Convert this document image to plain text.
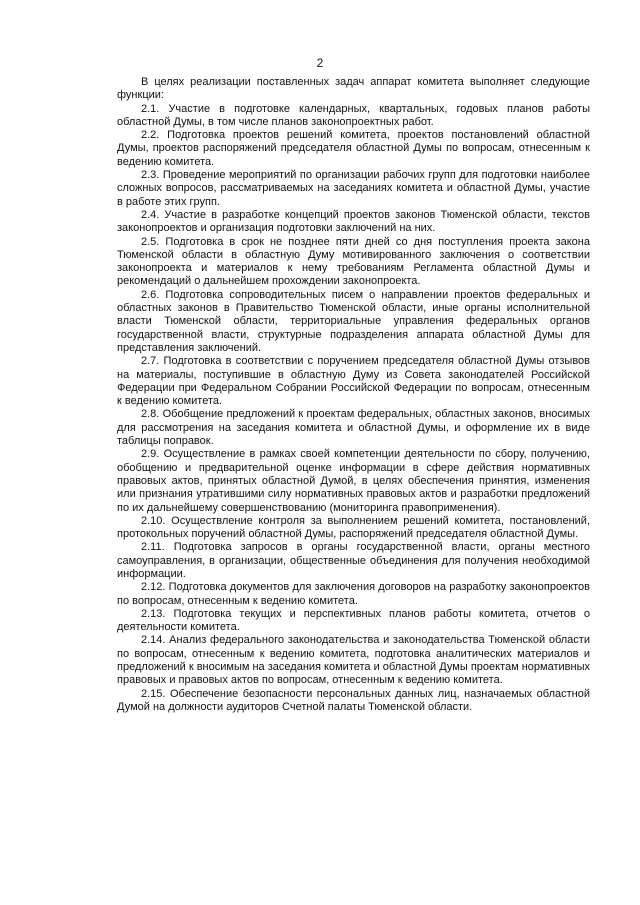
2

В целях реализации поставленных задач аппарат комитета выполняет следующие функции:

2.1. Участие в подготовке календарных, квартальных, годовых планов работы областной Думы, в том числе планов законопроектных работ.

2.2. Подготовка проектов решений комитета, проектов постановлений областной Думы, проектов распоряжений председателя областной Думы по вопросам, отнесенным к ведению комитета.

2.3. Проведение мероприятий по организации рабочих групп для подготовки наиболее сложных вопросов, рассматриваемых на заседаниях комитета и областной Думы, участие в работе этих групп.

2.4. Участие в разработке концепций проектов законов Тюменской области, текстов законопроектов и организация подготовки заключений на них.

2.5. Подготовка в срок не позднее пяти дней со дня поступления проекта закона Тюменской области в областную Думу мотивированного заключения о соответствии законопроекта и материалов к нему требованиям Регламента областной Думы и рекомендаций о дальнейшем прохождении законопроекта.

2.6. Подготовка сопроводительных писем о направлении проектов федеральных и областных законов в Правительство Тюменской области, иные органы исполнительной власти Тюменской области, территориальные управления федеральных органов государственной власти, структурные подразделения аппарата областной Думы для представления заключений.

2.7. Подготовка в соответствии с поручением председателя областной Думы отзывов на материалы, поступившие в областную Думу из Совета законодателей Российской Федерации при Федеральном Собрании Российской Федерации по вопросам, отнесенным к ведению комитета.

2.8. Обобщение предложений к проектам федеральных, областных законов, вносимых для рассмотрения на заседания комитета и областной Думы, и оформление их в виде таблицы поправок.

2.9. Осуществление в рамках своей компетенции деятельности по сбору, получению, обобщению и предварительной оценке информации в сфере действия нормативных правовых актов, принятых областной Думой, в целях обеспечения принятия, изменения или признания утратившими силу нормативных правовых актов и разработки предложений по их дальнейшему совершенствованию (мониторинга правоприменения).

2.10. Осуществление контроля за выполнением решений комитета, постановлений, протокольных поручений областной Думы, распоряжений председателя областной Думы.

2.11. Подготовка запросов в органы государственной власти, органы местного самоуправления, в организации, общественные объединения для получения необходимой информации.

2.12. Подготовка документов для заключения договоров на разработку законопроектов по вопросам, отнесенным к ведению комитета.

2.13. Подготовка текущих и перспективных планов работы комитета, отчетов о деятельности комитета.

2.14. Анализ федерального законодательства и законодательства Тюменской области по вопросам, отнесенным к ведению комитета, подготовка аналитических материалов и предложений к вносимым на заседания комитета и областной Думы проектам нормативных правовых и правовых актов по вопросам, отнесенным к ведению комитета.

2.15. Обеспечение безопасности персональных данных лиц, назначаемых областной Думой на должности аудиторов Счетной палаты Тюменской области.
